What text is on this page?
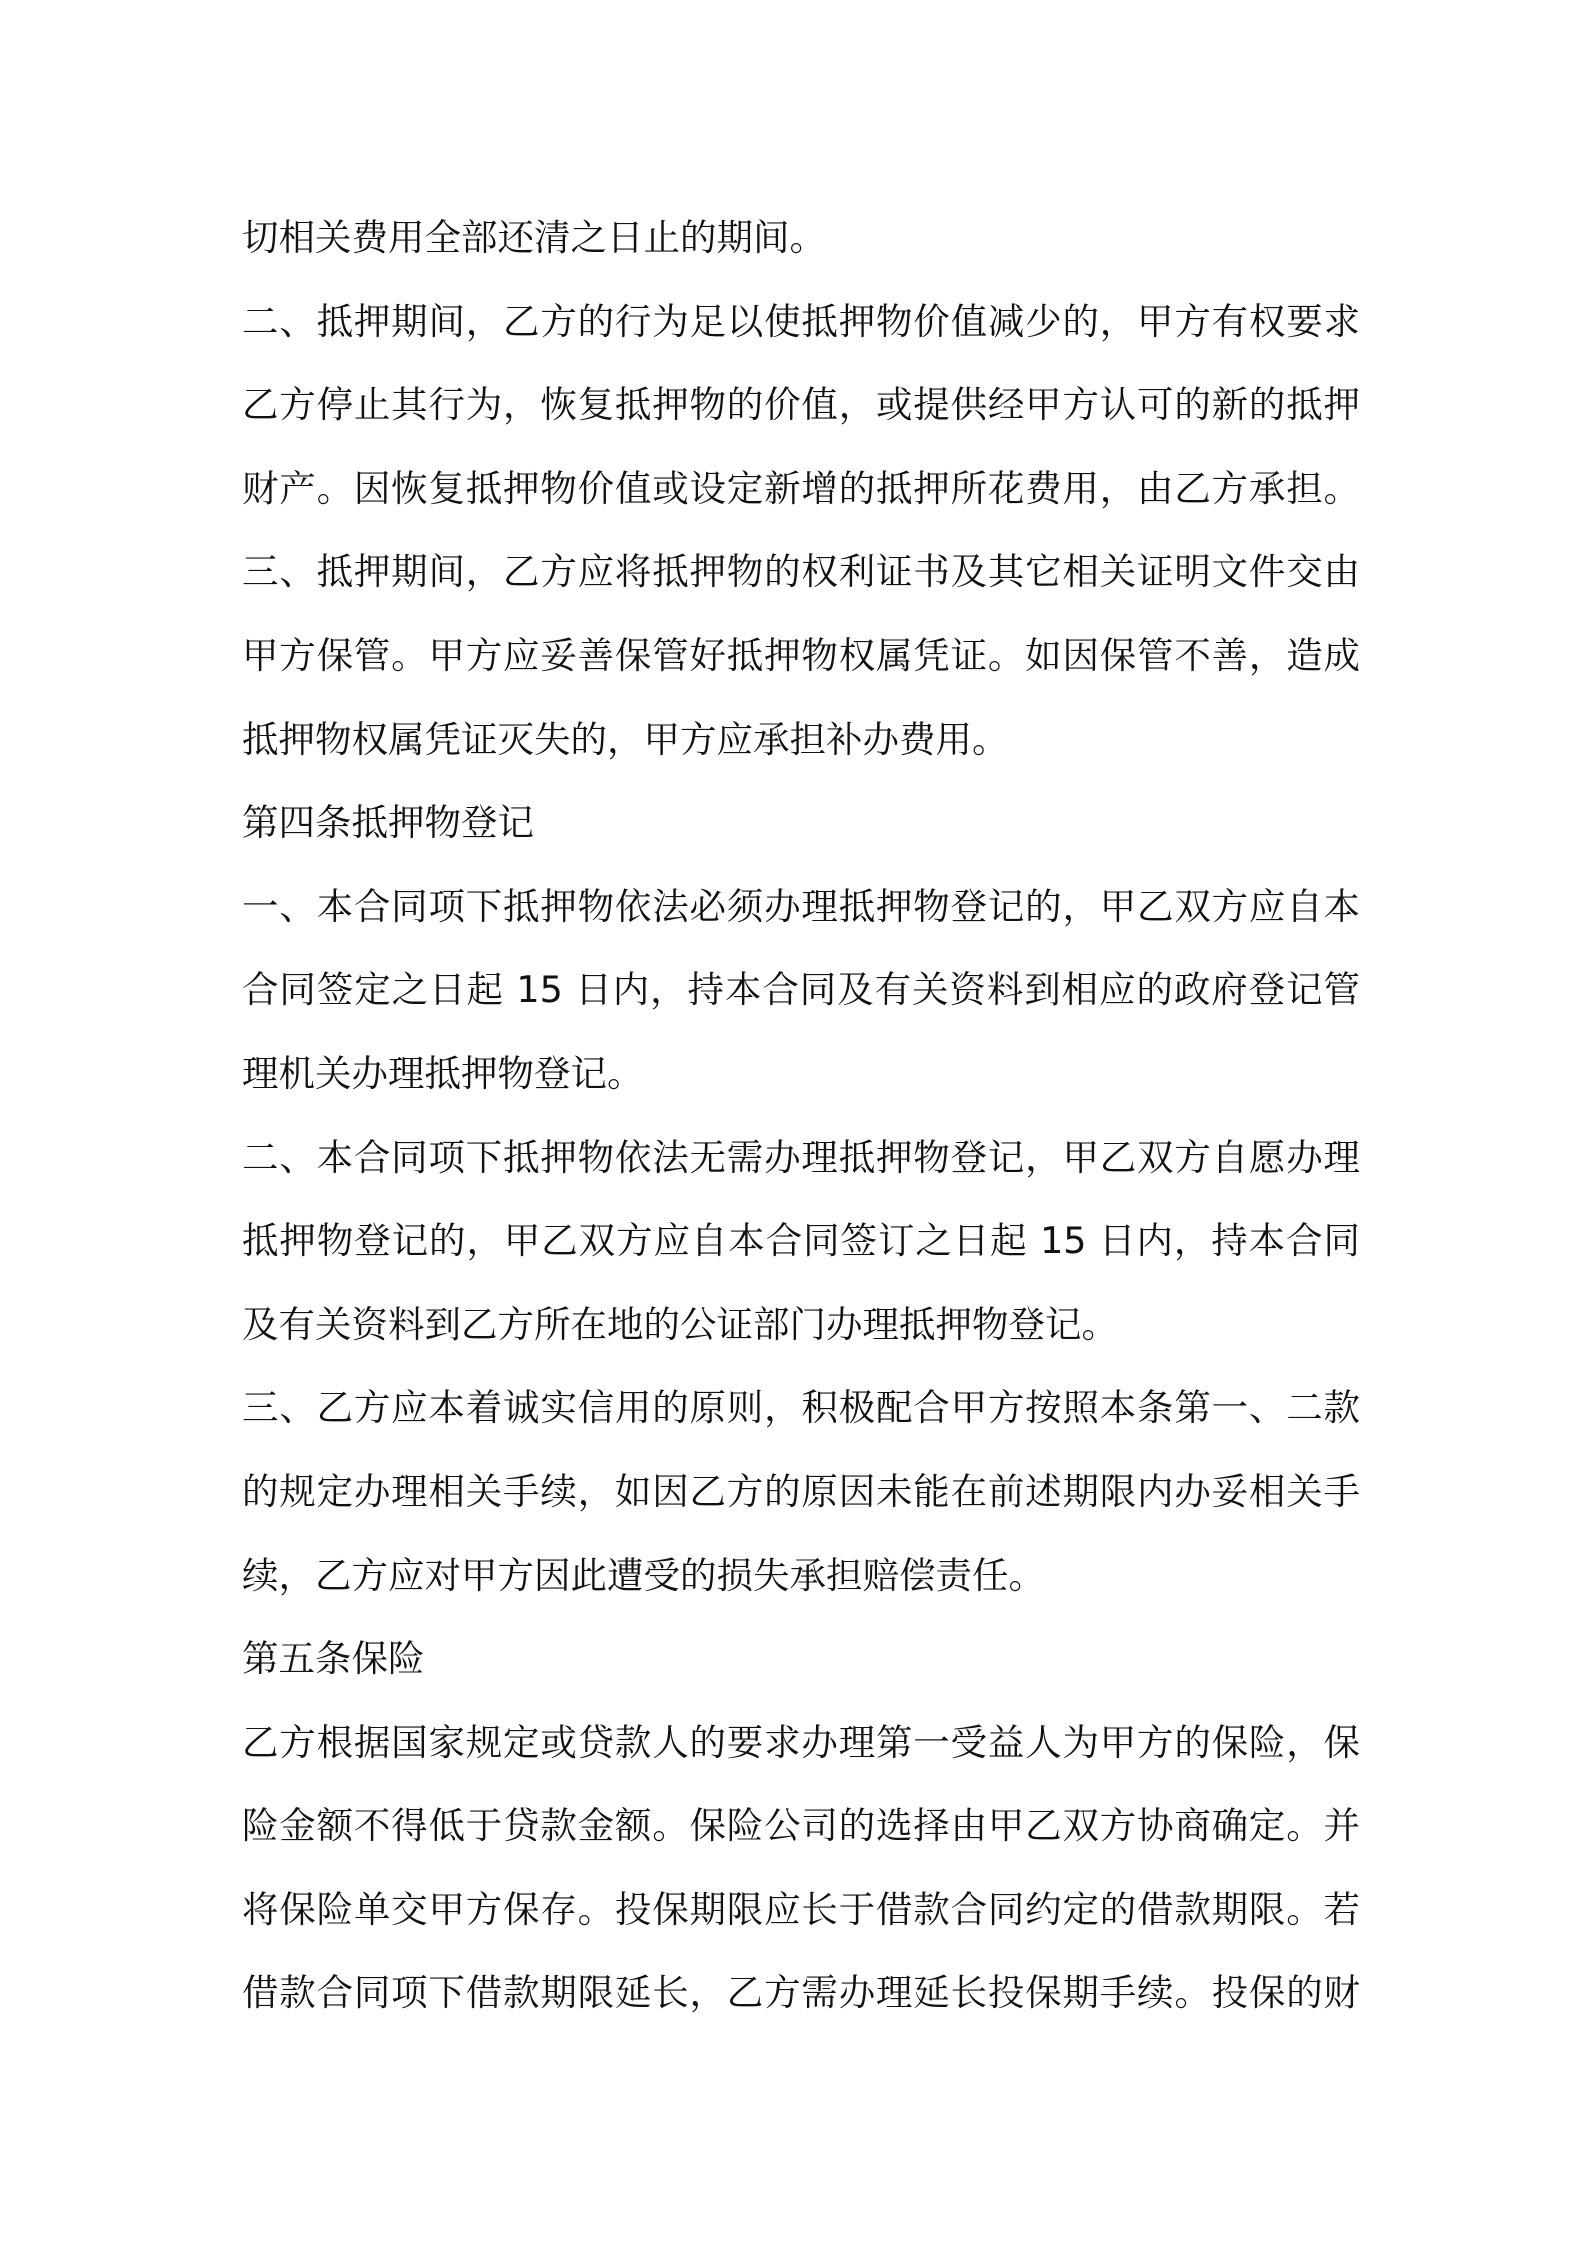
切相关费用全部还清之日止的期间。
二、抵押期间，乙方的行为足以使抵押物价值减少的，甲方有权要求
乙方停止其行为，恢复抵押物的价值，或提供经甲方认可的新的抵押
财产。因恢复抵押物价值或设定新增的抵押所花费用，由乙方承担。
三、抵押期间，乙方应将抵押物的权利证书及其它相关证明文件交由
甲方保管。甲方应妥善保管好抵押物权属凭证。如因保管不善，造成
抵押物权属凭证灭失的，甲方应承担补办费用。
第四条抵押物登记
一、本合同项下抵押物依法必须办理抵押物登记的，甲乙双方应自本
合同签定之日起 15 日内，持本合同及有关资料到相应的政府登记管
理机关办理抵押物登记。
二、本合同项下抵押物依法无需办理抵押物登记，甲乙双方自愿办理
抵押物登记的，甲乙双方应自本合同签订之日起 15 日内，持本合同
及有关资料到乙方所在地的公证部门办理抵押物登记。
三、乙方应本着诚实信用的原则，积极配合甲方按照本条第一、二款
的规定办理相关手续，如因乙方的原因未能在前述期限内办妥相关手
续，乙方应对甲方因此遭受的损失承担赔偿责任。
第五条保险
乙方根据国家规定或贷款人的要求办理第一受益人为甲方的保险，保
险金额不得低于贷款金额。保险公司的选择由甲乙双方协商确定。并
将保险单交甲方保存。投保期限应长于借款合同约定的借款期限。若
借款合同项下借款期限延长，乙方需办理延长投保期手续。投保的财
